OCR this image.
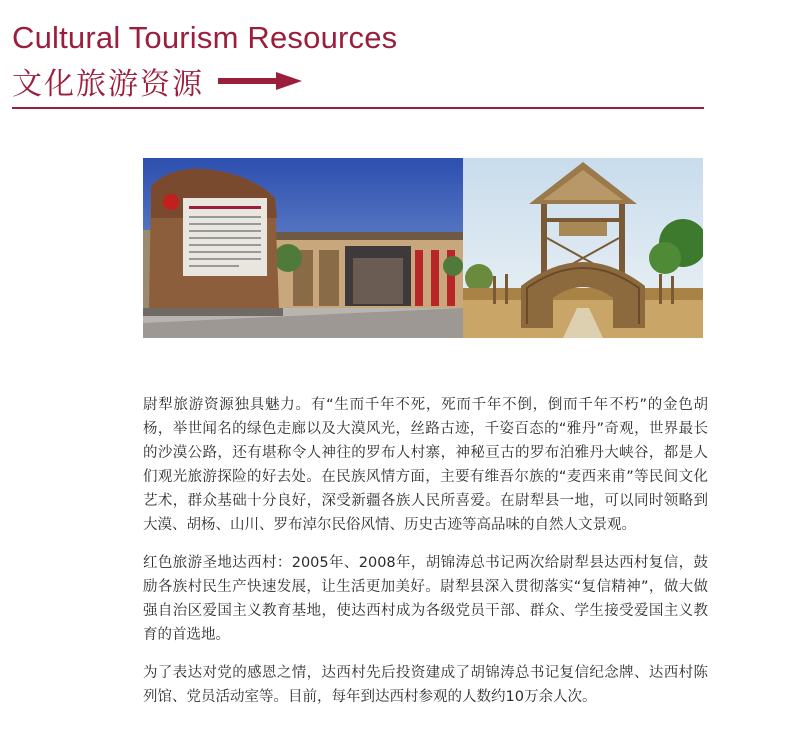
Cultural Tourism Resources
文化旅游资源

尉犁旅游资源独具魅力。有“生而千年不死，死而千年不倒，倒而千年不朽”的金色胡杨，举世闻名的绿色走廊以及大漠风光，丝路古迹，千姿百态的“雅丹”奇观，世界最长的沙漠公路，还有堪称令人神往的罗布人村寨，神秘亘古的罗布泊雅丹大峡谷，都是人们观光旅游探险的好去处。在民族风情方面，主要有维吾尔族的“麦西来甫”等民间文化艺术，群众基础十分良好，深受新疆各族人民所喜爱。在尉犁县一地，可以同时领略到大漠、胡杨、山川、罗布淖尔民俗风情、历史古迹等高品味的自然人文景观。

红色旅游圣地达西村：2005年、2008年，胡锦涛总书记两次给尉犁县达西村复信，鼓励各族村民生产快速发展，让生活更加美好。尉犁县深入贯彻落实“复信精神”，做大做强自治区爱国主义教育基地，使达西村成为各级党员干部、群众、学生接受爱国主义教育的首选地。

为了表达对党的感恩之情，达西村先后投资建成了胡锦涛总书记复信纪念牌、达西村陈列馆、党员活动室等。目前，每年到达西村参观的人数约10万余人次。
